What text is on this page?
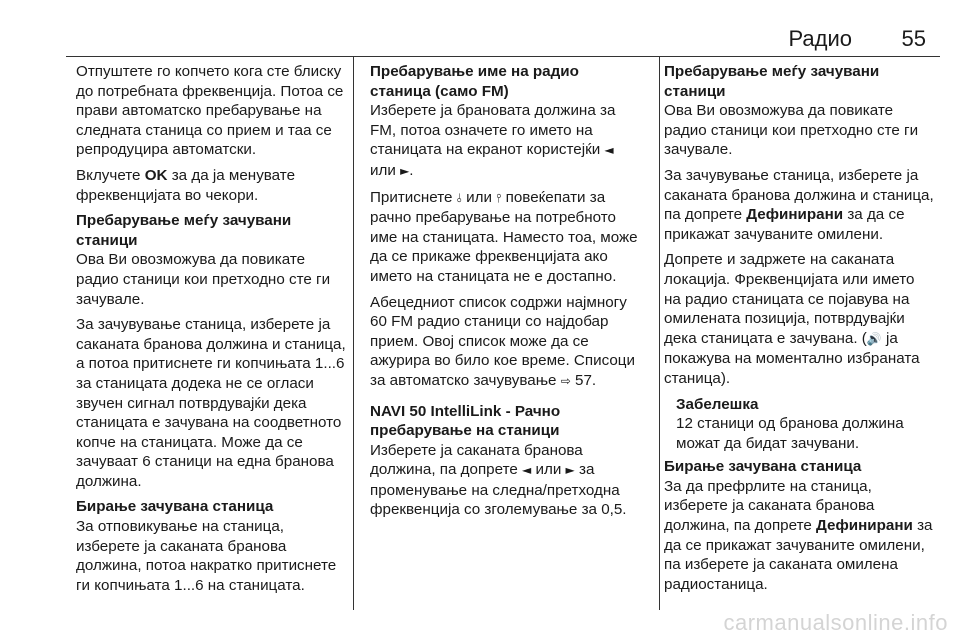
Радио 55

Отпуштете го копчето кога сте блиску до потребната фреквенција. Потоа се прави автоматско пребарување на следната станица со прием и таа се репродуцира автоматски.

Вклучете OK за да ја менувате фреквенцијата во чекори.

Пребарување меѓу зачувани станици

Ова Ви овозможува да повикате радио станици кои претходно сте ги зачувале.

За зачувување станица, изберете ја саканата бранова должина и станица, а потоа притиснете ги копчињата 1...6 за станицата додека не се огласи звучен сигнал потврдувајќи дека станицата е зачувана на соодветното копче на станицата. Може да се зачуваат 6 станици на една бранова должина.

Бирање зачувана станица

За отповикување на станица, изберете ја саканата бранова должина, потоа накратко притиснете ги копчињата 1...6 на станицата.

Пребарување име на радио станица (само FM)

Изберете ја брановата должина за FM, потоа означете го името на станицата на екранот користејќи ◄ или ►.

Притиснете ⫰ или ⫯ повеќепати за рачно пребарување на потребното име на станицата. Наместо тоа, може да се прикаже фреквенцијата ако името на станицата не е достапно.

Абецедниот список содржи најмногу 60 FM радио станици со најдобар прием. Овој список може да се ажурира во било кое време. Списоци за автоматско зачувување ⇨ 57.

NAVI 50 IntelliLink - Рачно пребарување на станици

Изберете ја саканата бранова должина, па допрете ◄ или ► за променување на следна/претходна фреквенција со зголемување за 0,5.

Пребарување меѓу зачувани станици

Ова Ви овозможува да повикате радио станици кои претходно сте ги зачувале.

За зачувување станица, изберете ја саканата бранова должина и станица, па допрете Дефинирани за да се прикажат зачуваните омилени.

Допрете и задржете на саканата локација. Фреквенцијата или името на радио станицата се појавува на омилената позиција, потврдувајќи дека станицата е зачувана. (🔊 ја покажува на моментално избраната станица).

Забелешка
12 станици од бранова должина можат да бидат зачувани.
Бирање зачувана станица

За да префрлите на станица, изберете ја саканата бранова должина, па допрете Дефинирани за да се прикажат зачуваните омилени, па изберете ја саканата омилена радиостаница.

carmanualsonline.info
